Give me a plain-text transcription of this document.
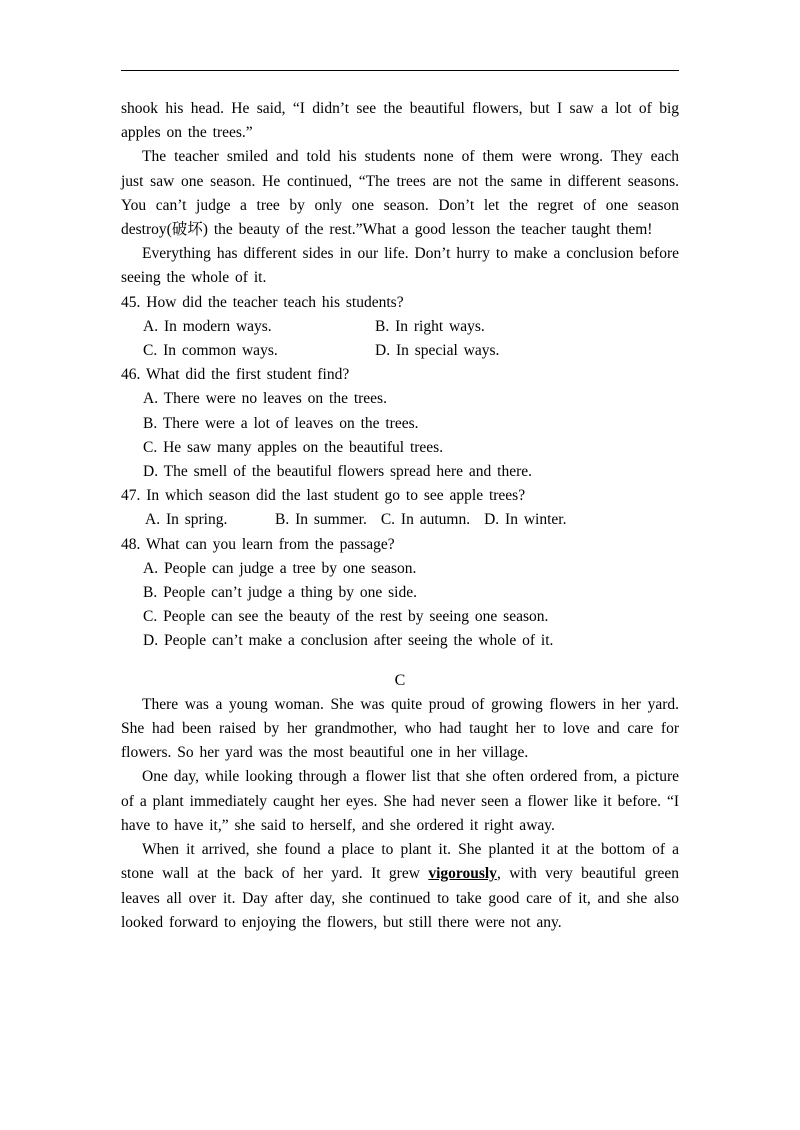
shook his head. He said, “I didn’t see the beautiful flowers, but I saw a lot of big apples on the trees.”

The teacher smiled and told his students none of them were wrong. They each just saw one season. He continued, “The trees are not the same in different seasons. You can’t judge a tree by only one season. Don’t let the regret of one season destroy(破坏) the beauty of the rest.”What a good lesson the teacher taught them!

Everything has different sides in our life. Don’t hurry to make a conclusion before seeing the whole of it.

45. How did the teacher teach his students?

A. In modern ways.	B. In right ways.
C. In common ways.	D. In special ways.

46. What did the first student find?

A. There were no leaves on the trees.

B. There were a lot of leaves on the trees.

C. He saw many apples on the beautiful trees.

D. The smell of the beautiful flowers spread here and there.

47. In which season did the last student go to see apple trees?

A. In spring.	B. In summer. C. In autumn. D. In winter.

48. What can you learn from the passage?

A. People can judge a tree by one season.

B. People can’t judge a thing by one side.

C. People can see the beauty of the rest by seeing one season.

D. People can’t make a conclusion after seeing the whole of it.

C

There was a young woman. She was quite proud of growing flowers in her yard. She had been raised by her grandmother, who had taught her to love and care for flowers. So her yard was the most beautiful one in her village.

One day, while looking through a flower list that she often ordered from, a picture of a plant immediately caught her eyes. She had never seen a flower like it before. “I have to have it,” she said to herself, and she ordered it right away.

When it arrived, she found a place to plant it. She planted it at the bottom of a stone wall at the back of her yard. It grew vigorously, with very beautiful green leaves all over it. Day after day, she continued to take good care of it, and she also looked forward to enjoying the flowers, but still there were not any.
